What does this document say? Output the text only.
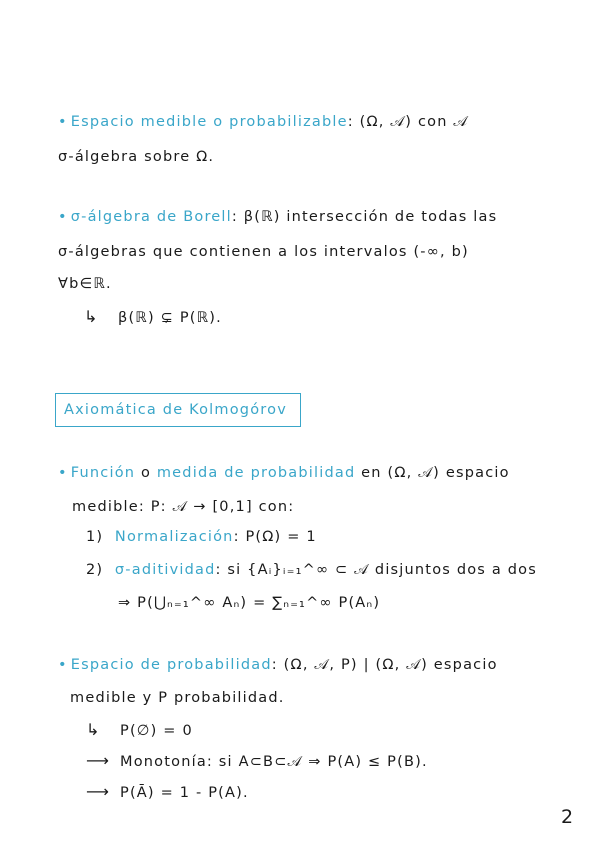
• Espacio medible o probabilizable: (Ω, 𝒜) con 𝒜
σ-álgebra sobre Ω.
• σ-álgebra de Borell: β(ℝ) intersección de todas las
σ-álgebras que contienen a los intervalos (-∞, b)
∀b∈ℝ.
↳ β(ℝ) ⊊ P(ℝ).
Axiomática de Kolmogórov
• Función o medida de probabilidad en (Ω, 𝒜) espacio
medible: P: 𝒜 → [0,1] con:
1) Normalización: P(Ω) = 1
2) σ-aditividad: si {Aᵢ}ᵢ₌₁^∞ ⊂ 𝒜 disjuntos dos a dos
⇒ P(⋃ₙ₌₁^∞ Aₙ) = ∑ₙ₌₁^∞ P(Aₙ)
• Espacio de probabilidad: (Ω, 𝒜, P) | (Ω, 𝒜) espacio
medible y P probabilidad.
↳ P(∅) = 0
⟶ Monotonía: si A⊂B⊂𝒜 ⇒ P(A) ≤ P(B).
⟶ P(Ā) = 1 - P(A).
2
